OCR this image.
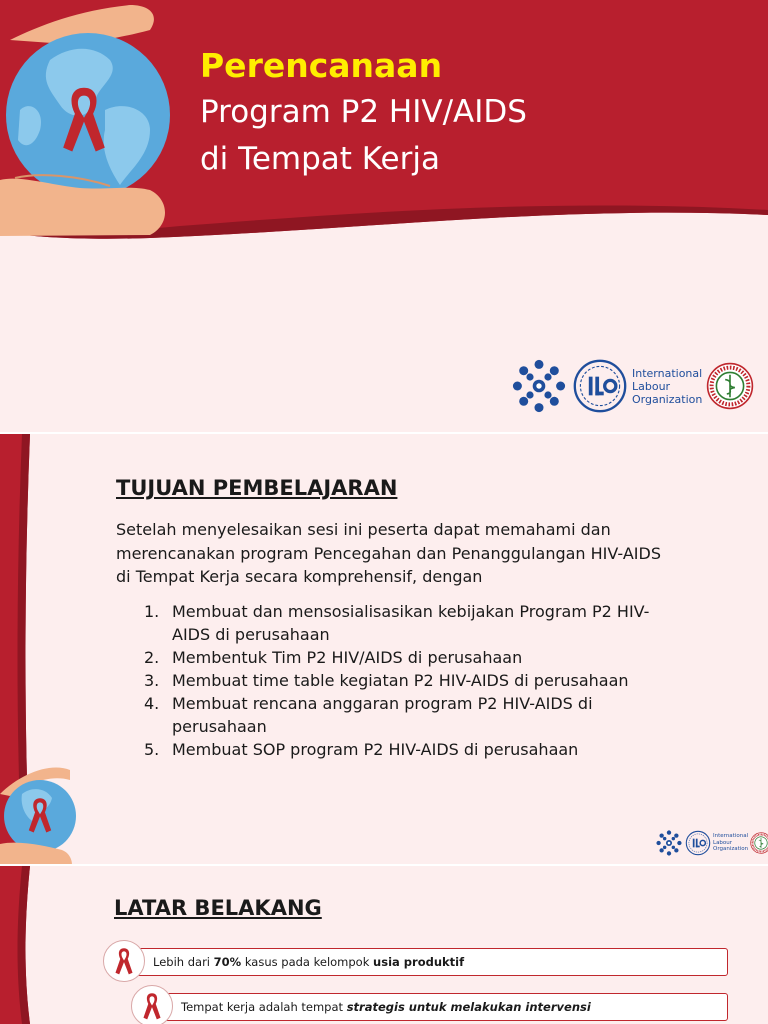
Perencanaan
Program P2 HIV/AIDS
di Tempat Kerja
International
Labour
Organization
TUJUAN PEMBELAJARAN

Setelah menyelesaikan sesi ini peserta dapat memahami dan merencanakan program Pencegahan dan Penanggulangan HIV-AIDS di Tempat Kerja secara komprehensif, dengan

1. Membuat dan mensosialisasikan kebijakan Program P2 HIV-AIDS di perusahaan
2. Membentuk Tim P2 HIV/AIDS di perusahaan
3. Membuat time table kegiatan P2 HIV-AIDS di perusahaan
4. Membuat rencana anggaran program P2 HIV-AIDS di perusahaan
5. Membuat SOP program P2 HIV-AIDS di perusahaan
International
Labour
Organization
LATAR BELAKANG
Lebih dari 70% kasus pada kelompok usia produktif
Tempat kerja adalah tempat strategis untuk melakukan intervensi
